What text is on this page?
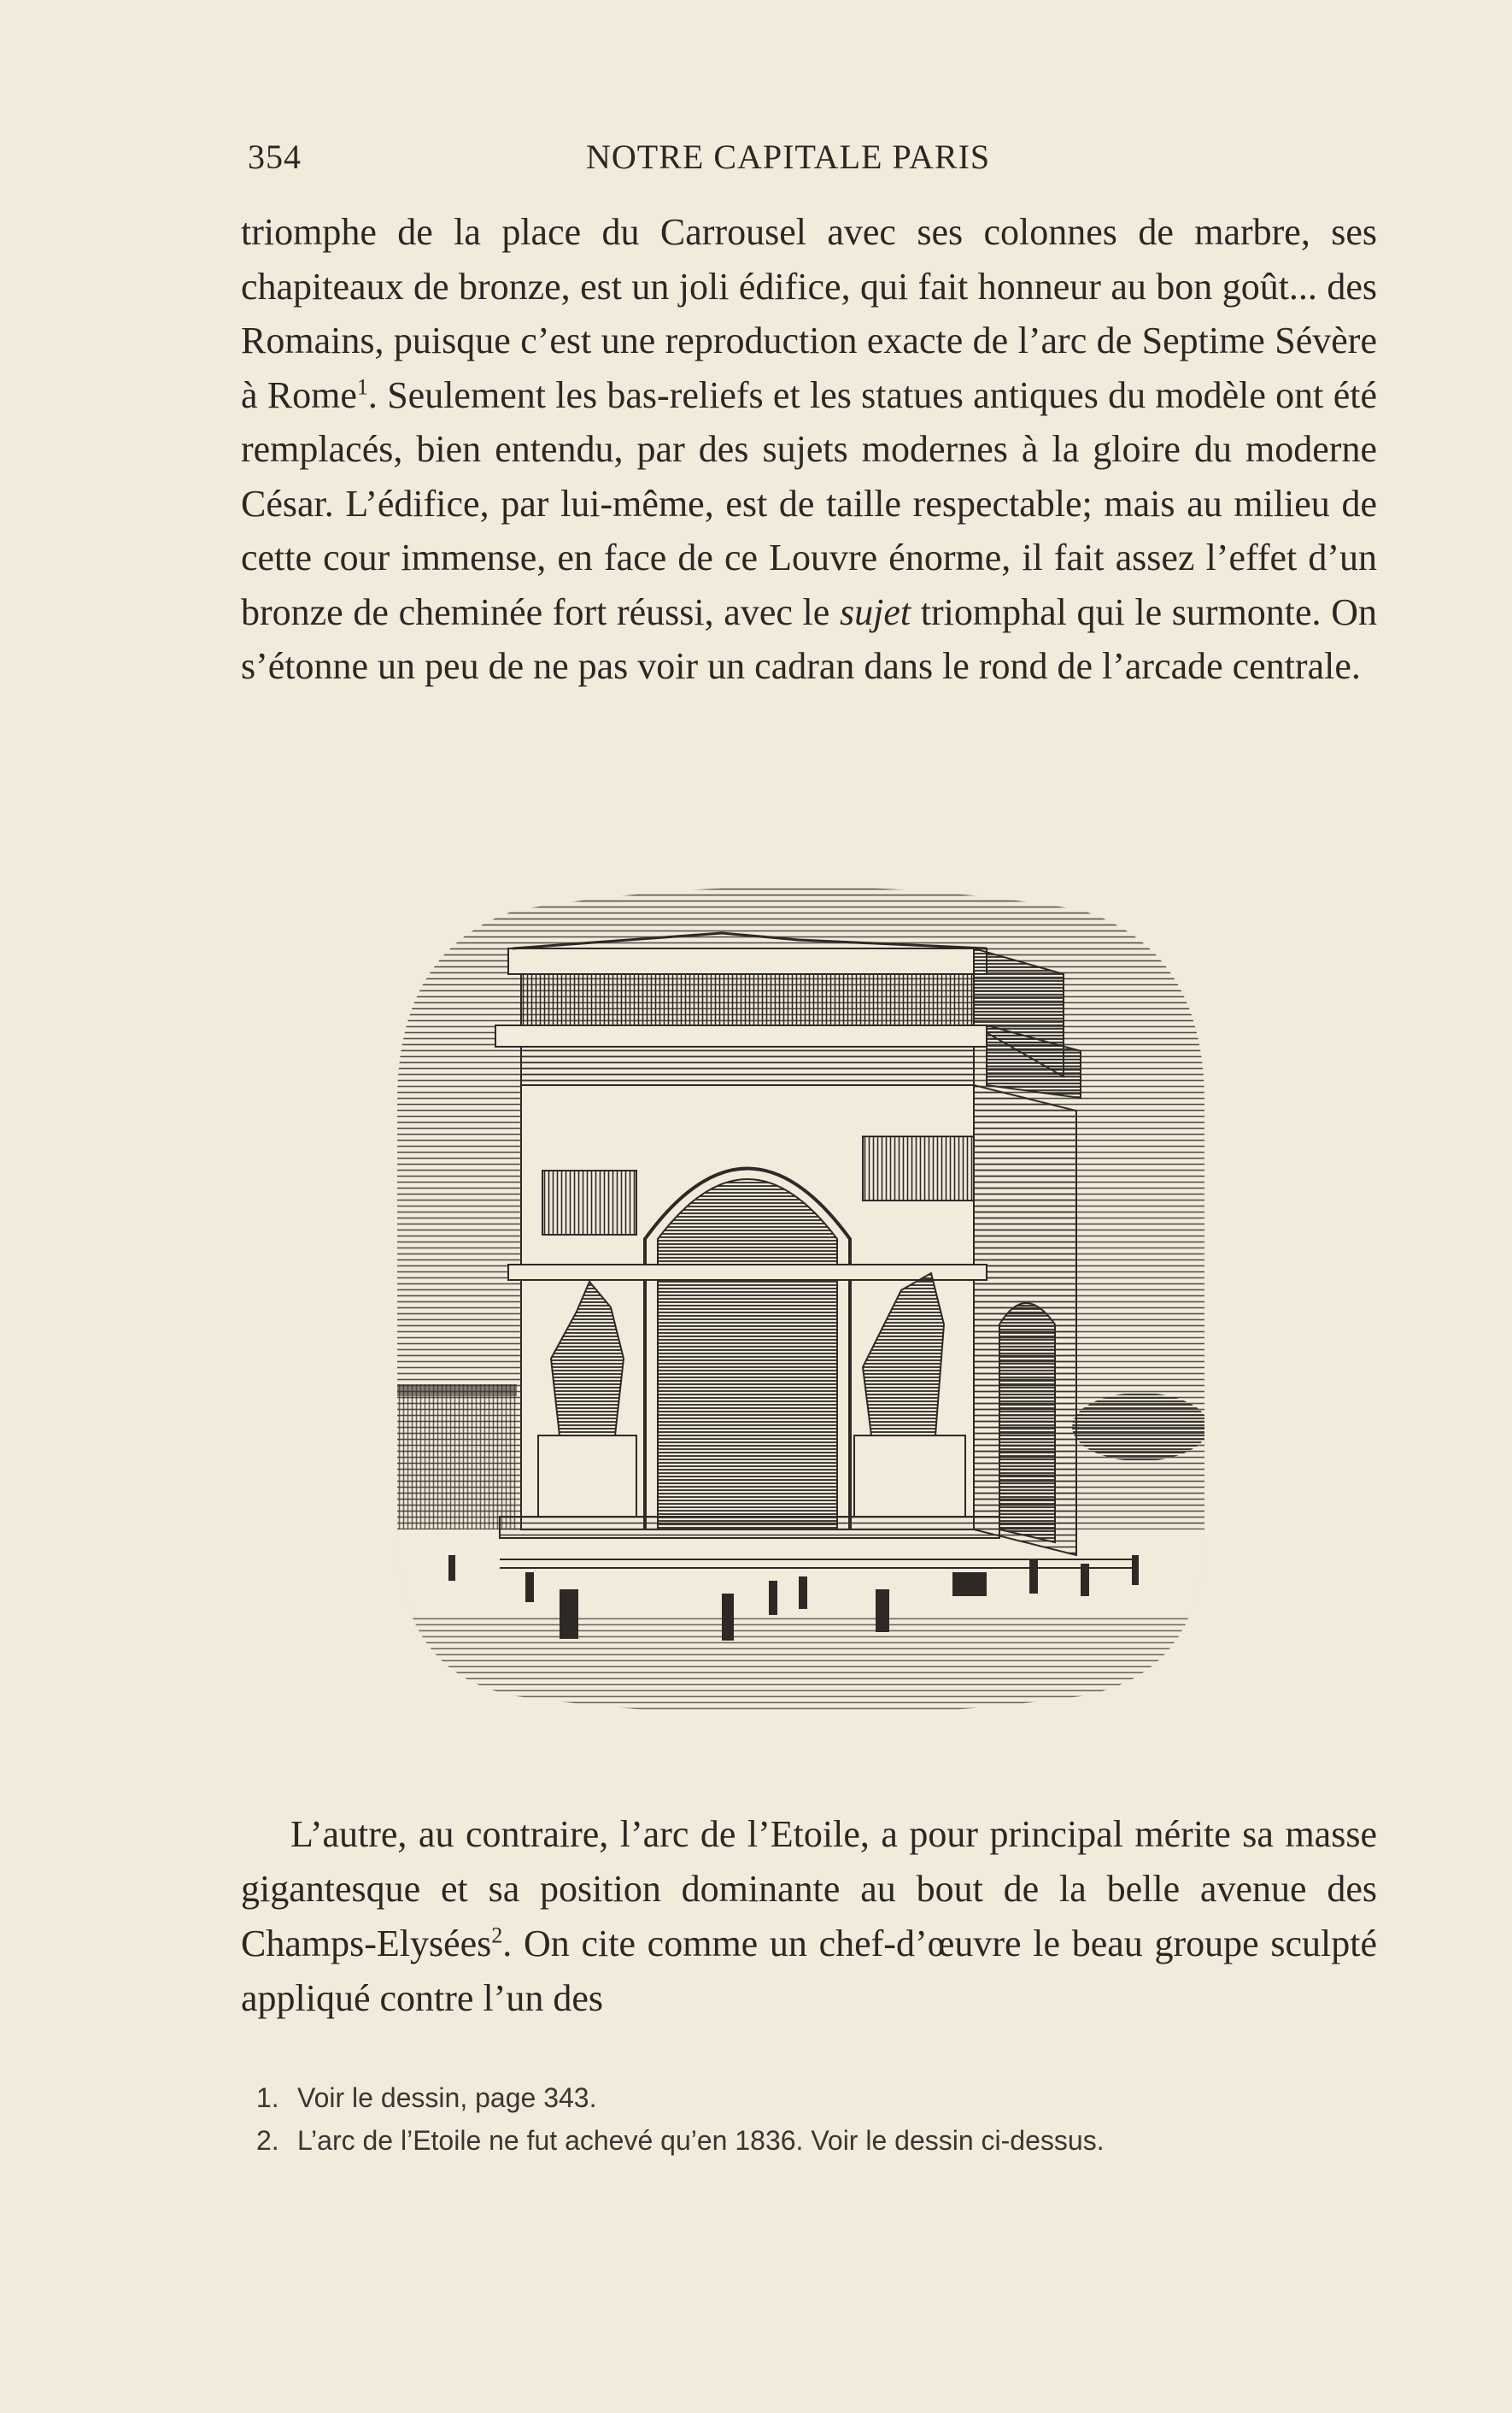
354	NOTRE CAPITALE PARIS

triomphe de la place du Carrousel avec ses colonnes de marbre, ses chapiteaux de bronze, est un joli édifice, qui fait honneur au bon goût... des Romains, puisque c’est une reproduction exacte de l’arc de Septime Sévère à Rome$^1$. Seulement les bas-reliefs et les statues antiques du modèle ont été remplacés, bien entendu, par des sujets modernes à la gloire du moderne César. L’édifice, par lui-même, est de taille respectable; mais au milieu de cette cour immense, en face de ce Louvre énorme, il fait assez l’effet d’un bronze de cheminée fort réussi, avec le sujet triomphal qui le surmonte. On s’étonne un peu de ne pas voir un cadran dans le rond de l’arcade centrale.

L’autre, au contraire, l’arc de l’Etoile, a pour principal mérite sa masse gigantesque et sa position dominante au bout de la belle avenue des Champs-Elysées$^2$. On cite comme un chef-d’œuvre le beau groupe sculpté appliqué contre l’un des

1. Voir le dessin, page 343.

2. L’arc de l’Etoile ne fut achevé qu’en 1836. Voir le dessin ci-dessus.
